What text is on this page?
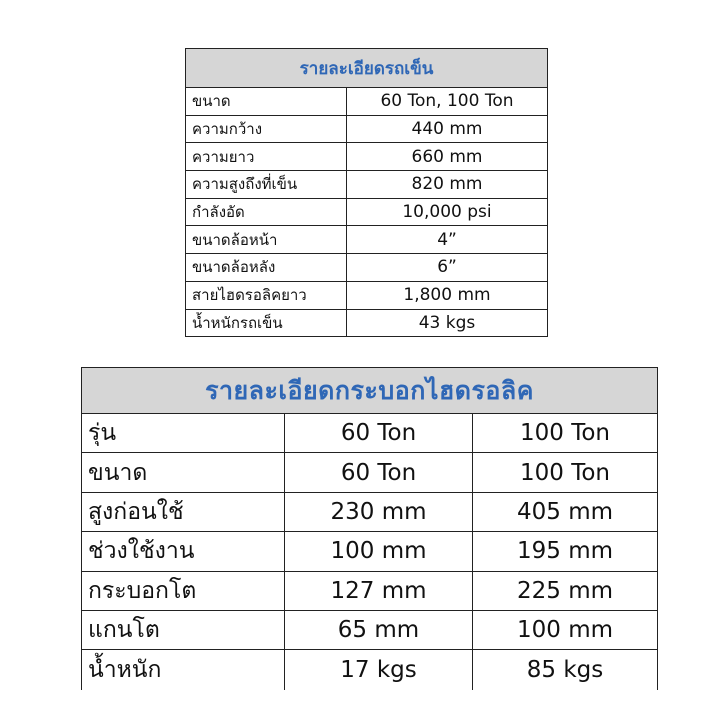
รายละเอียดรถเข็น	
ขนาด	60 Ton, 100 Ton
ความกว้าง	440 mm
ความยาว	660 mm
ความสูงถึงที่เข็น	820 mm
กำลังอัด	10,000 psi
ขนาดล้อหน้า	4”
ขนาดล้อหลัง	6”
สายไฮดรอลิคยาว	1,800 mm
น้ำหนักรถเข็น	43 kgs
รายละเอียดกระบอกไฮดรอลิค		
รุ่น	60 Ton	100 Ton
ขนาด	60 Ton	100 Ton
สูงก่อนใช้	230 mm	405 mm
ช่วงใช้งาน	100 mm	195 mm
กระบอกโต	127 mm	225 mm
แกนโต	65 mm	100 mm
น้ำหนัก	17 kgs	85 kgs
